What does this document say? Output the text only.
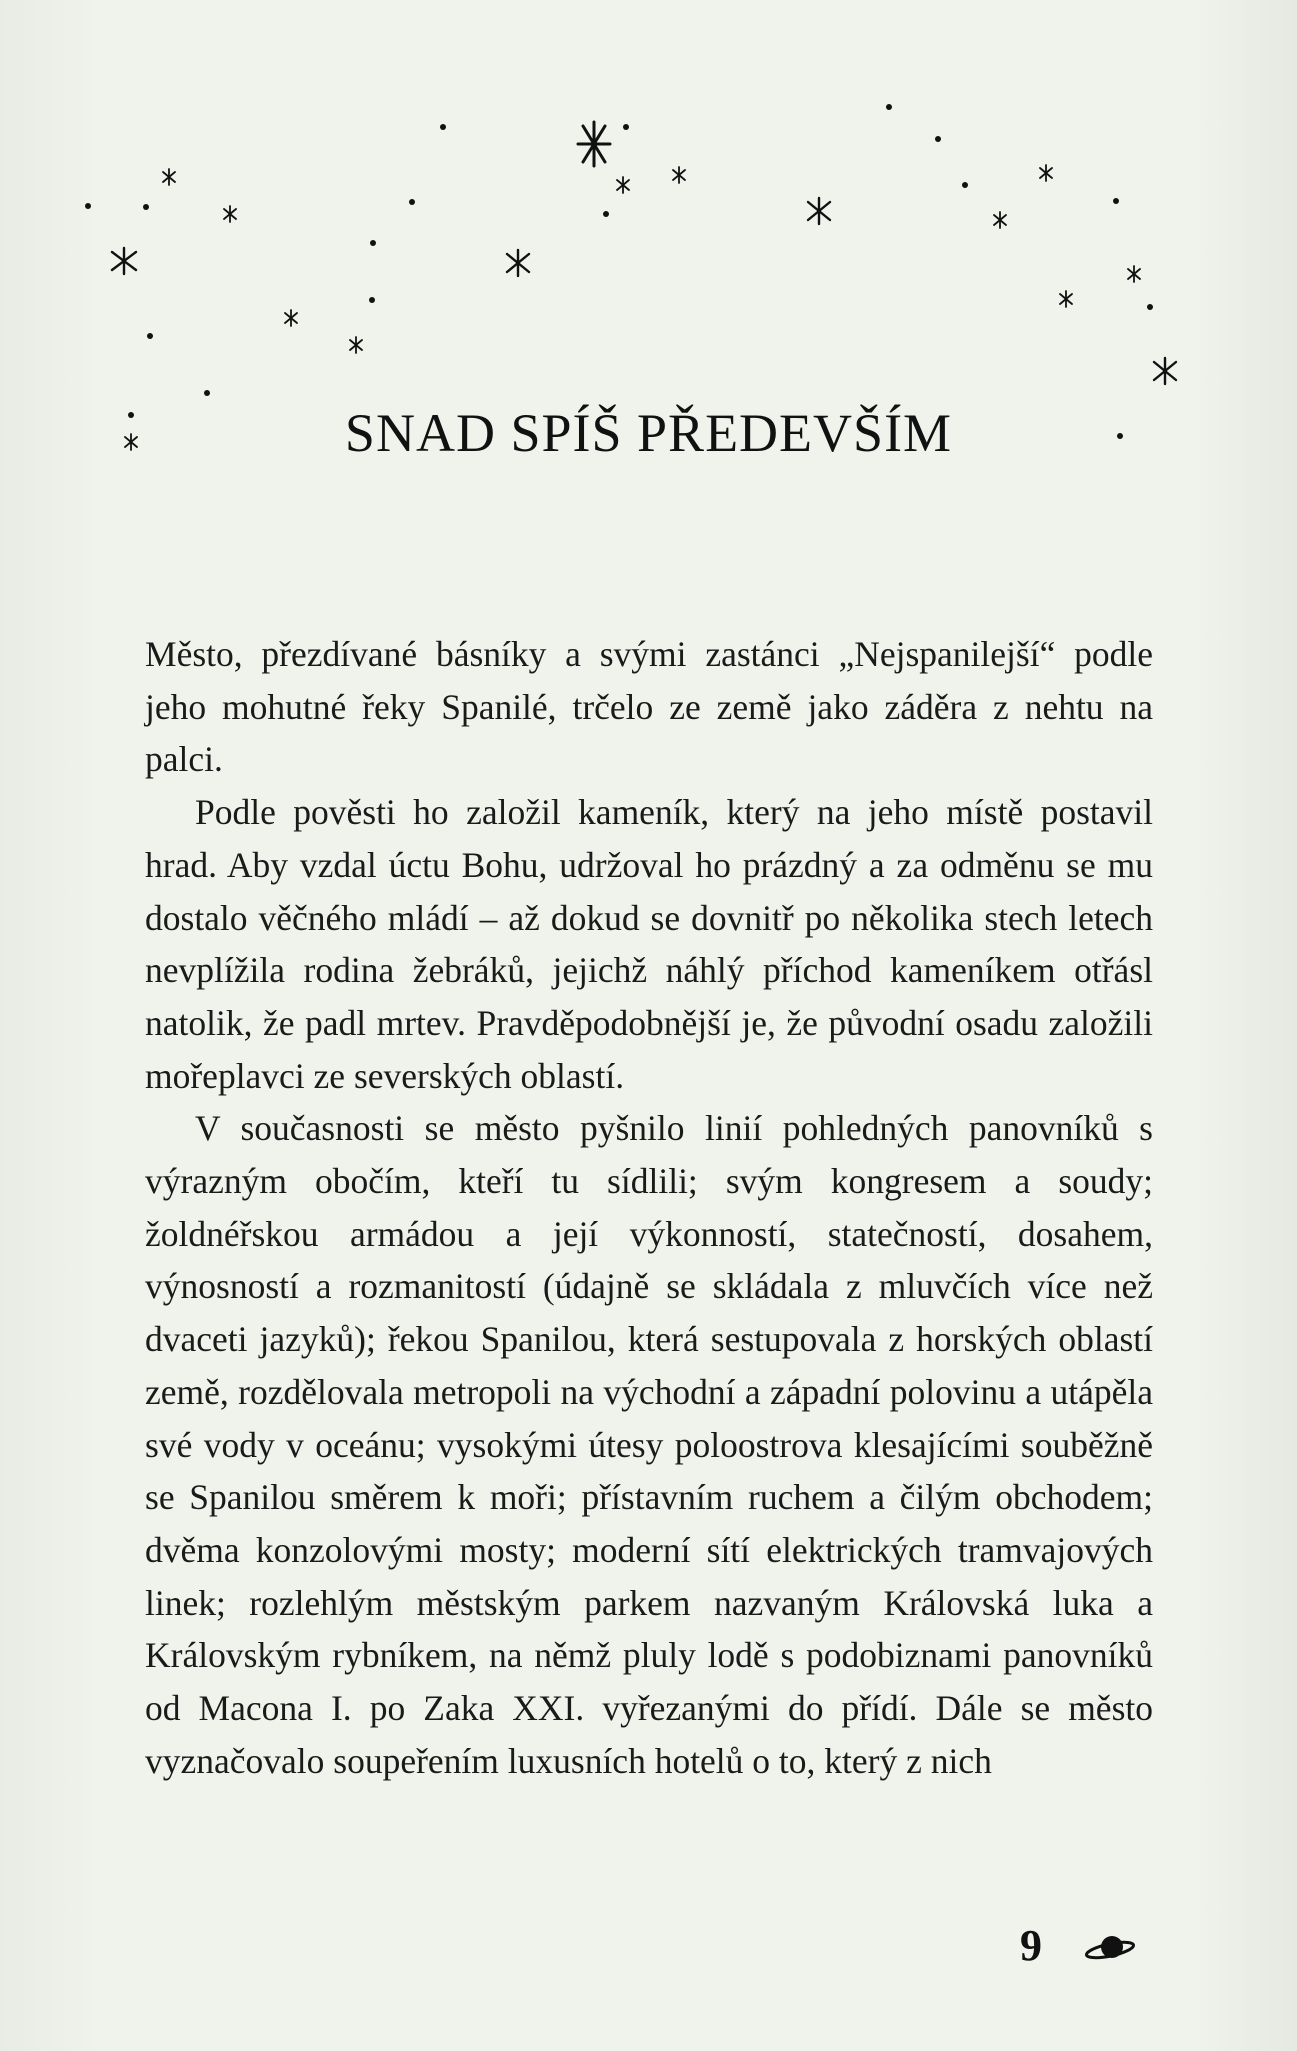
SNAD SPÍŠ PŘEDEVŠÍM

Město, přezdívané básníky a svými zastánci „Nejspanilejší“ podle jeho mohutné řeky Spanilé, trčelo ze země jako záděra z nehtu na palci.

Podle pověsti ho založil kameník, který na jeho místě postavil hrad. Aby vzdal úctu Bohu, udržoval ho prázdný a za odměnu se mu dostalo věčného mládí – až dokud se dovnitř po několika stech letech nevplížila rodina žebráků, jejichž náhlý příchod kameníkem otřásl natolik, že padl mrtev. Pravděpodobnější je, že původní osadu založili mořeplavci ze severských oblastí.

V současnosti se město pyšnilo linií pohledných panovníků s výrazným obočím, kteří tu sídlili; svým kongresem a soudy; žoldnéřskou armádou a její výkonností, statečností, dosahem, výnosností a rozmanitostí (údajně se skládala z mluvčích více než dvaceti jazyků); řekou Spanilou, která sestupovala z horských oblastí země, rozdělovala metropoli na východní a západní polovinu a utápěla své vody v oceánu; vysokými útesy poloostrova klesajícími souběžně se Spanilou směrem k moři; přístavním ruchem a čilým obchodem; dvěma konzolovými mosty; moderní sítí elektrických tramvajových linek; rozlehlým městským parkem nazvaným Královská luka a Královským rybníkem, na němž pluly lodě s podobiznami panovníků od Macona I. po Zaka XXI. vyřezanými do přídí. Dále se město vyznačovalo soupeřením luxusních hotelů o to, který z nich

9
